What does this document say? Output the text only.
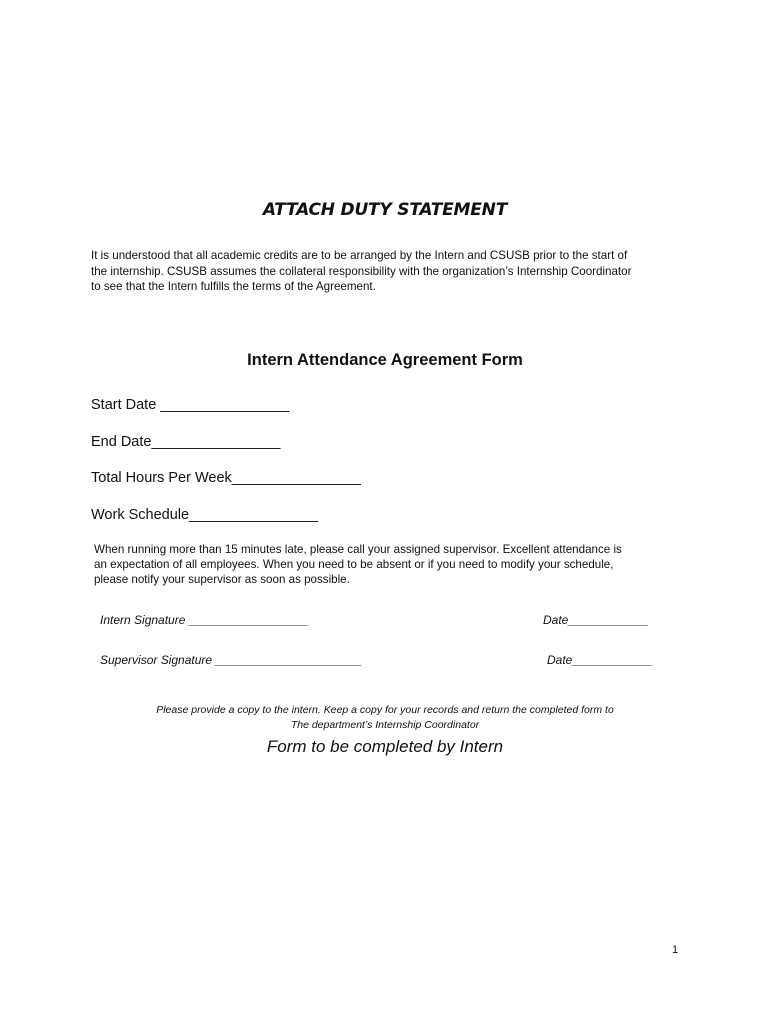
ATTACH DUTY STATEMENT
It is understood that all academic credits are to be arranged by the Intern and CSUSB prior to the start of
the internship. CSUSB assumes the collateral responsibility with the organization’s Internship Coordinator
to see that the Intern fulfills the terms of the Agreement.
Intern Attendance Agreement Form
Start Date ________________
End Date________________
Total Hours Per Week________________
Work Schedule________________
When running more than 15 minutes late, please call your assigned supervisor. Excellent attendance is
an expectation of all employees. When you need to be absent or if you need to modify your schedule,
please notify your supervisor as soon as possible.
Intern Signature __________________	Date____________
Supervisor Signature ______________________	Date____________
Please provide a copy to the intern. Keep a copy for your records and return the completed form to
The department’s Internship Coordinator
Form to be completed by Intern
1
